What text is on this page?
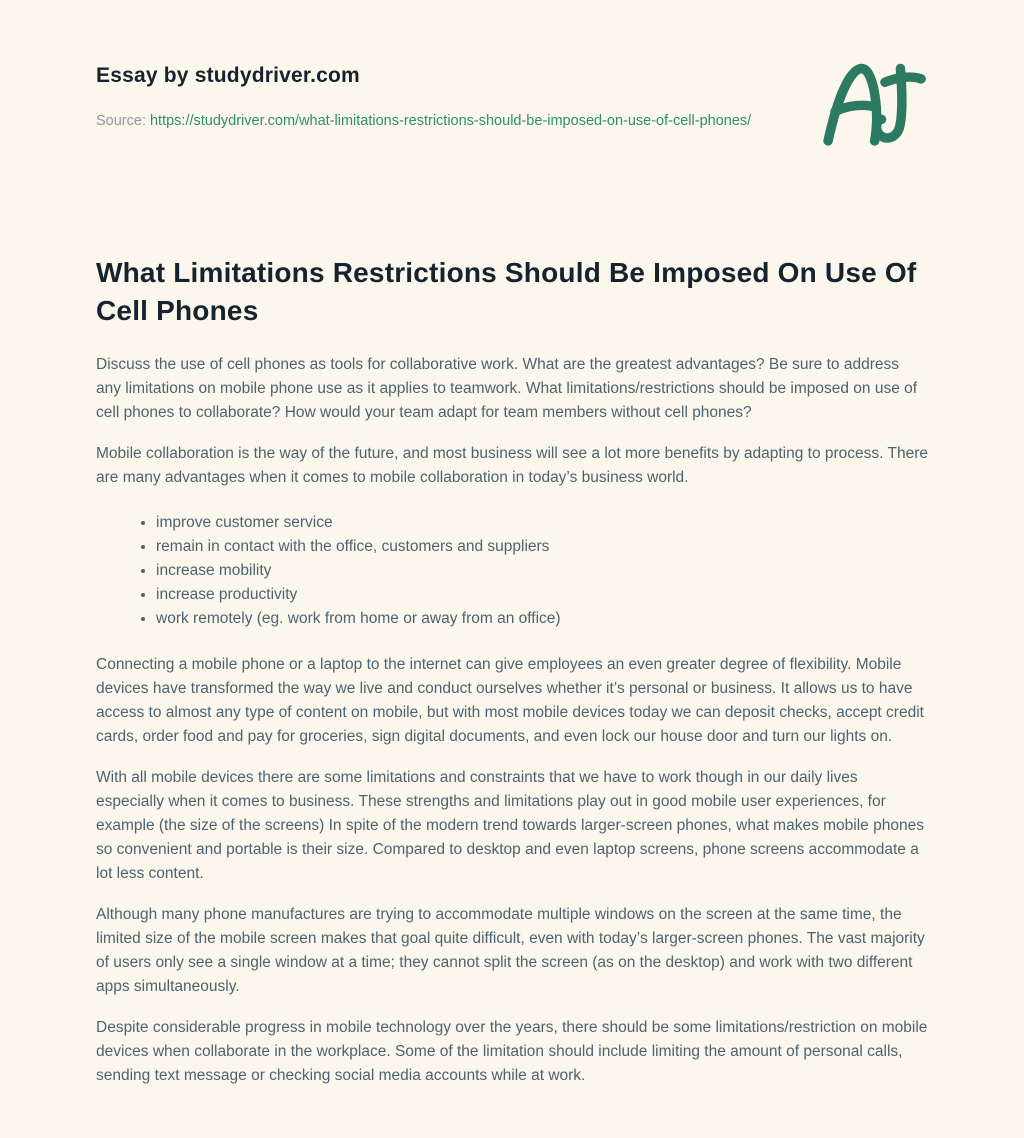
Essay by studydriver.com

Source: https://studydriver.com/what-limitations-restrictions-should-be-imposed-on-use-of-cell-phones/

What Limitations Restrictions Should Be Imposed On Use Of Cell Phones

Discuss the use of cell phones as tools for collaborative work. What are the greatest advantages? Be sure to address any limitations on mobile phone use as it applies to teamwork. What limitations/restrictions should be imposed on use of cell phones to collaborate? How would your team adapt for team members without cell phones?

Mobile collaboration is the way of the future, and most business will see a lot more benefits by adapting to process. There are many advantages when it comes to mobile collaboration in today’s business world.

• improve customer service
• remain in contact with the office, customers and suppliers
• increase mobility
• increase productivity
• work remotely (eg. work from home or away from an office)

Connecting a mobile phone or a laptop to the internet can give employees an even greater degree of flexibility. Mobile devices have transformed the way we live and conduct ourselves whether it’s personal or business. It allows us to have access to almost any type of content on mobile, but with most mobile devices today we can deposit checks, accept credit cards, order food and pay for groceries, sign digital documents, and even lock our house door and turn our lights on.

With all mobile devices there are some limitations and constraints that we have to work though in our daily lives especially when it comes to business. These strengths and limitations play out in good mobile user experiences, for example (the size of the screens) In spite of the modern trend towards larger-screen phones, what makes mobile phones so convenient and portable is their size. Compared to desktop and even laptop screens, phone screens accommodate a lot less content.

Although many phone manufactures are trying to accommodate multiple windows on the screen at the same time, the limited size of the mobile screen makes that goal quite difficult, even with today’s larger-screen phones. The vast majority of users only see a single window at a time; they cannot split the screen (as on the desktop) and work with two different apps simultaneously.

Despite considerable progress in mobile technology over the years, there should be some limitations/restriction on mobile devices when collaborate in the workplace. Some of the limitation should include limiting the amount of personal calls, sending text message or checking social media accounts while at work.
